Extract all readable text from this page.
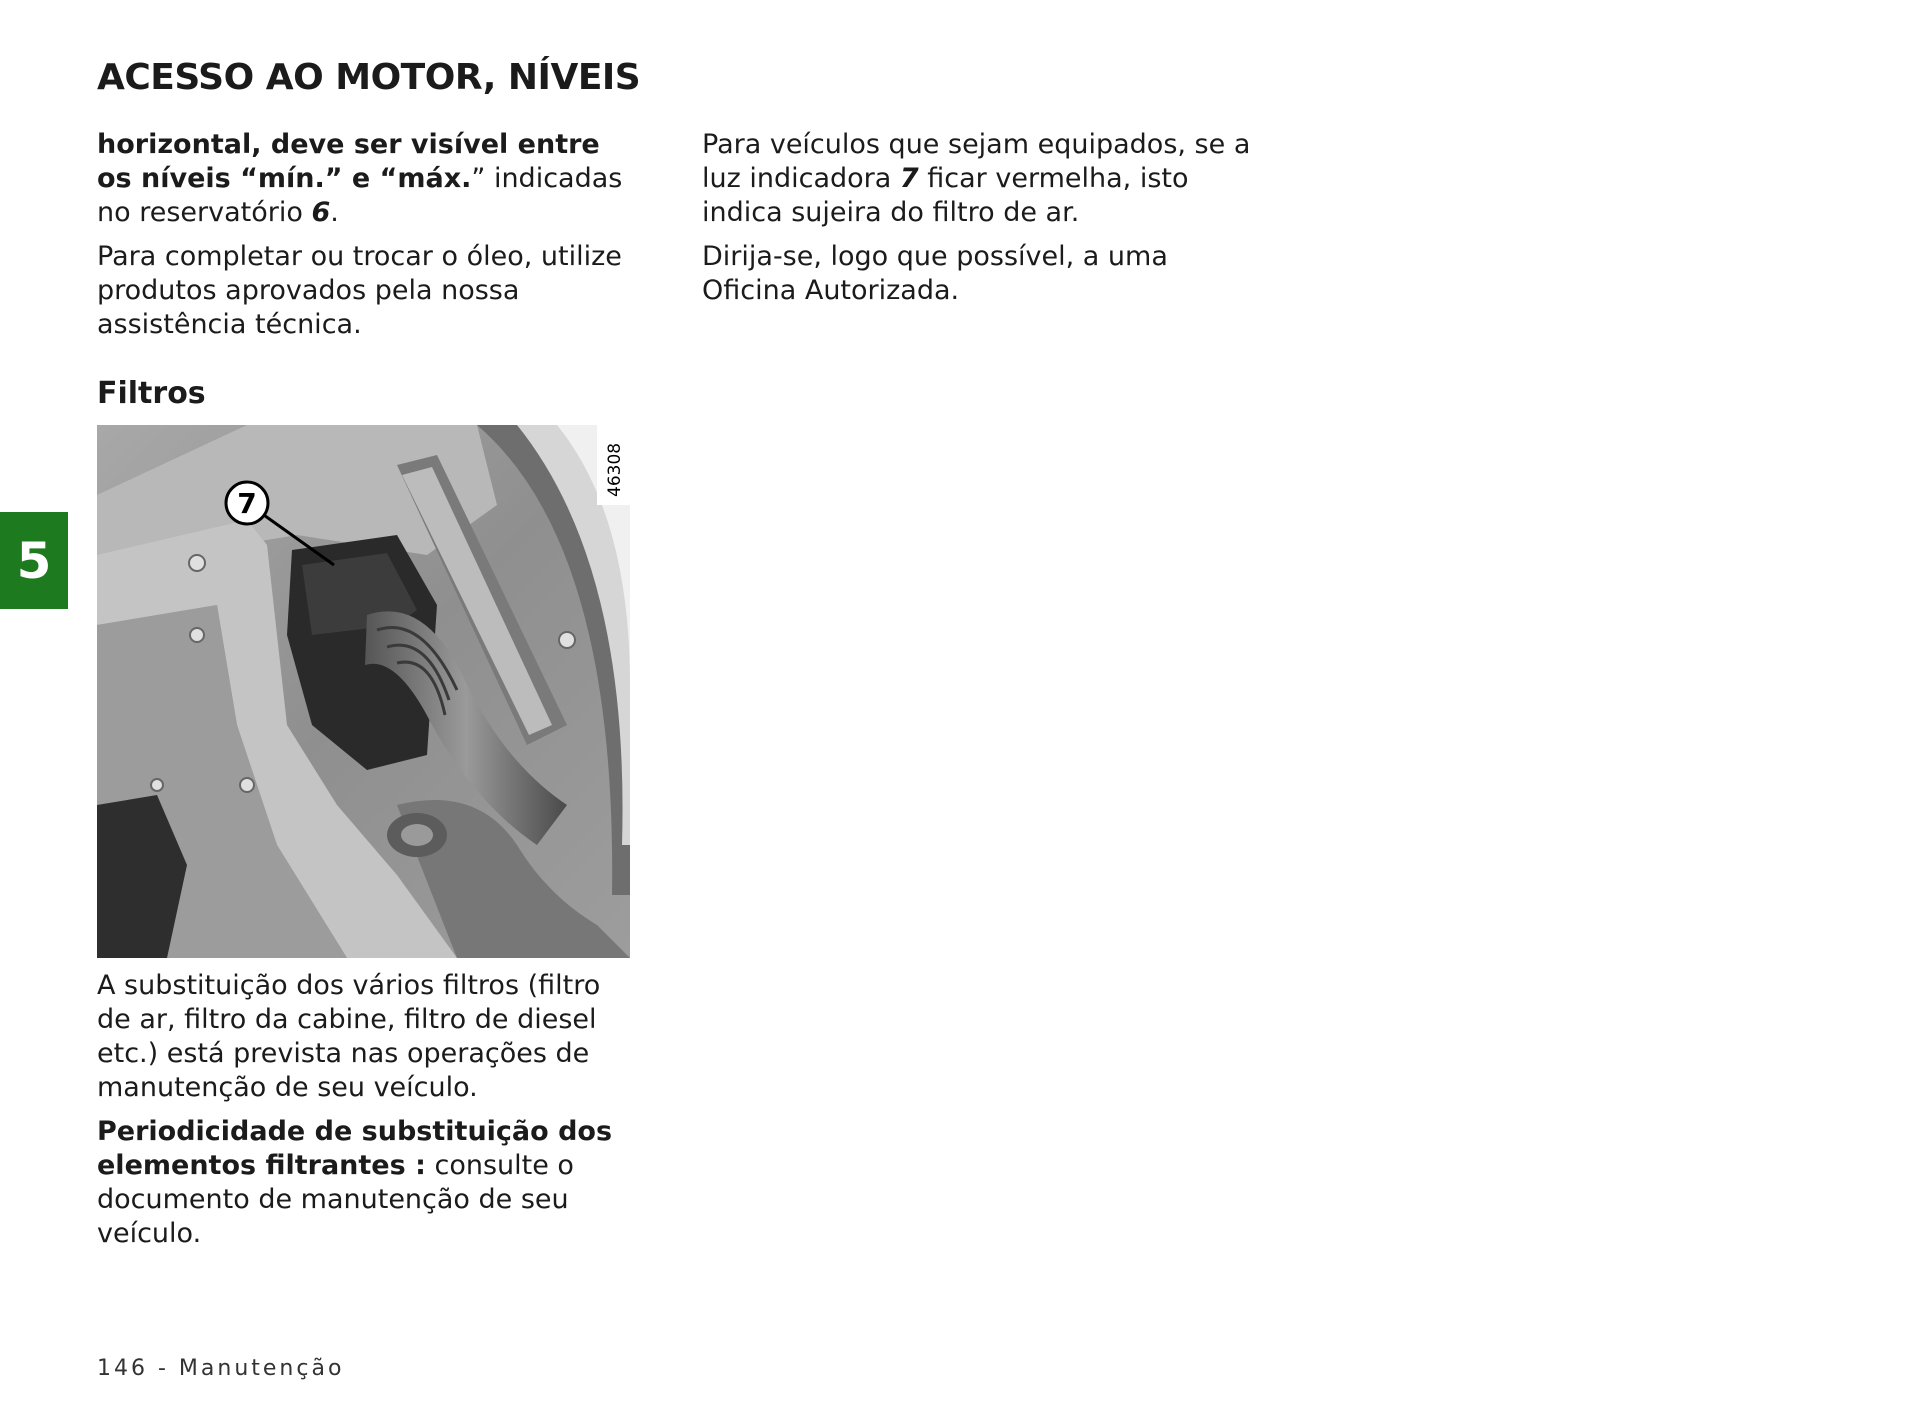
ACESSO AO MOTOR, NÍVEIS

horizontal, deve ser visível entre os níveis “mín.” e “máx.” indicadas no reservatório 6.

Para completar ou trocar o óleo, utilize produtos aprovados pela nossa assistência técnica.

Filtros
7
46308

A substituição dos vários filtros (filtro de ar, filtro da cabine, filtro de diesel etc.) está prevista nas operações de manutenção de seu veículo.

Periodicidade de substituição dos elementos filtrantes : consulte o documento de manutenção de seu veículo.

Para veículos que sejam equipados, se a luz indicadora 7 ficar vermelha, isto indica sujeira do filtro de ar.

Dirija-se, logo que possível, a uma Oficina Autorizada.

5
146 - Manutenção
